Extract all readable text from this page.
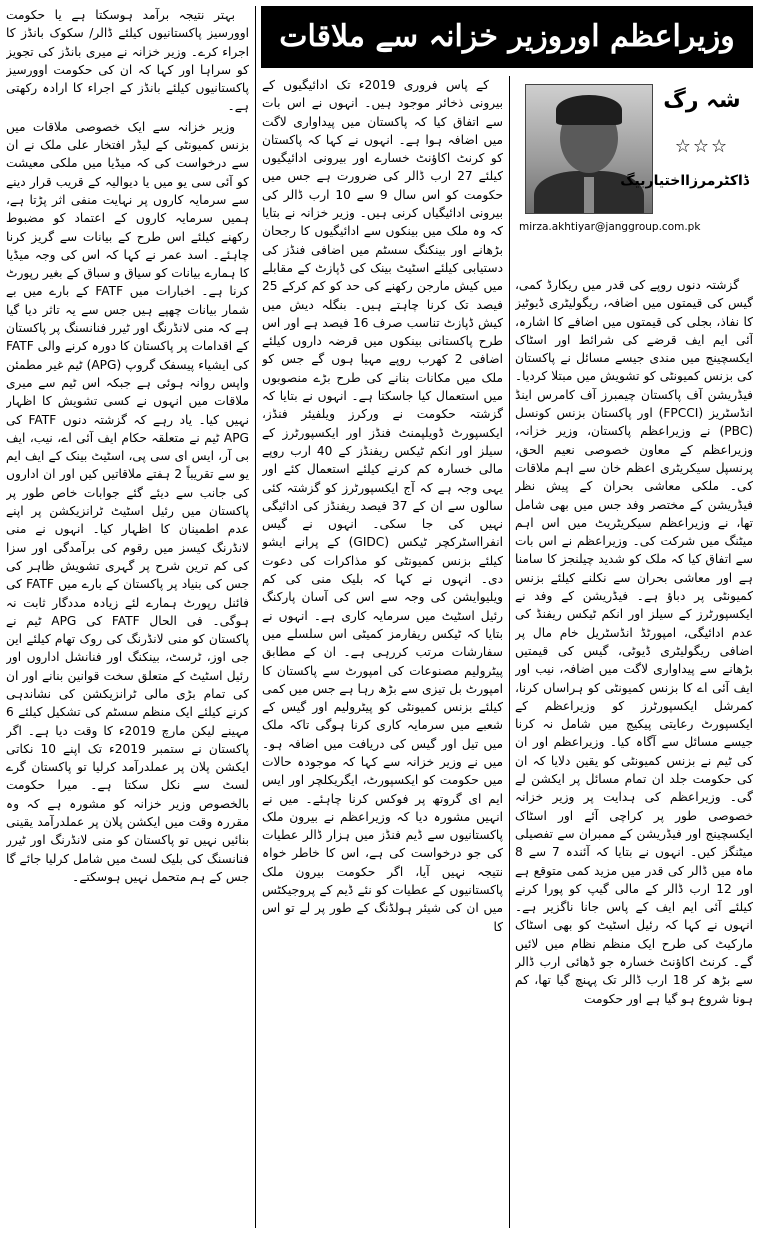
وزیراعظم اوروزیر خزانہ سے ملاقات
شہ رگ
☆☆☆
ڈاکٹرمرزااختیاربیگ
mirza.akhtiyar@janggroup.com.pk

گزشتہ دنوں روپے کی قدر میں ریکارڈ کمی، گیس کی قیمتوں میں اضافہ، ریگولیٹری ڈیوٹیز کا نفاذ، بجلی کی قیمتوں میں اضافے کا اشارہ، آئی ایم ایف قرضے کی شرائط اور اسٹاک ایکسچینج میں مندی جیسے مسائل نے پاکستان کی بزنس کمیونٹی کو تشویش میں مبتلا کردیا۔ فیڈریشن آف پاکستان چیمبرز آف کامرس اینڈ انڈسٹریز (FPCCI) اور پاکستان بزنس کونسل (PBC) نے وزیراعظم پاکستان، وزیر خزانہ، وزیراعظم کے معاون خصوصی نعیم الحق، پرنسپل سیکریٹری اعظم خان سے اہم ملاقات کی۔ ملکی معاشی بحران کے پیش نظر فیڈریشن کے مختصر وفد جس میں بھی شامل تھا، نے وزیراعظم سیکریٹریٹ میں اس اہم میٹنگ میں شرکت کی۔ وزیراعظم نے اس بات سے اتفاق کیا کہ ملک کو شدید چیلنجز کا سامنا ہے اور معاشی بحران سے نکلنے کیلئے بزنس کمیونٹی پر دباؤ ہے۔ فیڈریشن کے وفد نے ایکسپورٹرز کے سیلز اور انکم ٹیکس ریفنڈ کی عدم ادائیگی، امپورٹڈ انڈسٹریل خام مال پر اضافی ریگولیٹری ڈیوٹی، گیس کی قیمتیں بڑھانے سے پیداواری لاگت میں اضافہ، نیب اور ایف آئی اے کا بزنس کمیونٹی کو ہراساں کرنا، کمرشل ایکسپورٹرز کو وزیراعظم کے ایکسپورٹ رعایتی پیکیج میں شامل نہ کرنا جیسے مسائل سے آگاہ کیا۔ وزیراعظم اور ان کی ٹیم نے بزنس کمیونٹی کو یقین دلایا کہ ان کی حکومت جلد ان تمام مسائل پر ایکشن لے گی۔ وزیراعظم کی ہدایت پر وزیر خزانہ خصوصی طور پر کراچی آئے اور اسٹاک ایکسچینج اور فیڈریشن کے ممبران سے تفصیلی میٹنگز کیں۔ انہوں نے بتایا کہ آئندہ 7 سے 8 ماہ میں ڈالر کی قدر میں مزید کمی متوقع ہے اور 12 ارب ڈالر کے مالی گیپ کو پورا کرنے کیلئے آئی ایم ایف کے پاس جانا ناگزیر ہے۔ انہوں نے کہا کہ رئیل اسٹیٹ کو بھی اسٹاک مارکیٹ کی طرح ایک منظم نظام میں لائیں گے۔ کرنٹ اکاؤنٹ خسارہ جو ڈھائی ارب ڈالر سے بڑھ کر 18 ارب ڈالر تک پہنچ گیا تھا، کم ہونا شروع ہو گیا ہے اور حکومت

کے پاس فروری 2019ء تک ادائیگیوں کے بیرونی ذخائر موجود ہیں۔ انہوں نے اس بات سے اتفاق کیا کہ پاکستان میں پیداواری لاگت میں اضافہ ہوا ہے۔ انہوں نے کہا کہ پاکستان کو کرنٹ اکاؤنٹ خسارے اور بیرونی ادائیگیوں کیلئے 27 ارب ڈالر کی ضرورت ہے جس میں حکومت کو اس سال 9 سے 10 ارب ڈالر کی بیرونی ادائیگیاں کرنی ہیں۔ وزیر خزانہ نے بتایا کہ وہ ملک میں بینکوں سے ادائیگیوں کا رجحان بڑھانے اور بینکنگ سسٹم میں اضافی فنڈز کی دستیابی کیلئے اسٹیٹ بینک کی ڈپازٹ کے مقابلے میں کیش مارجن رکھنے کی حد کو کم کرکے 25 فیصد تک کرنا چاہتے ہیں۔ بنگلہ دیش میں کیش ڈپازٹ تناسب صرف 16 فیصد ہے اور اس طرح پاکستانی بینکوں میں قرضہ داروں کیلئے اضافی 2 کھرب روپے مہیا ہوں گے جس کو ملک میں مکانات بنانے کی طرح بڑے منصوبوں میں استعمال کیا جاسکتا ہے۔ انہوں نے بتایا کہ گزشتہ حکومت نے ورکرز ویلفیئر فنڈز، ایکسپورٹ ڈویلپمنٹ فنڈز اور ایکسپورٹرز کے سیلز اور انکم ٹیکس ریفنڈز کے 40 ارب روپے مالی خسارہ کم کرنے کیلئے استعمال کئے اور یہی وجہ ہے کہ آج ایکسپورٹرز کو گزشتہ کئی سالوں سے ان کے 37 فیصد ریفنڈز کی ادائیگی نہیں کی جا سکی۔ انہوں نے گیس انفرااسٹرکچر ٹیکس (GIDC) کے پرانے ایشو کیلئے بزنس کمیونٹی کو مذاکرات کی دعوت دی۔ انہوں نے کہا کہ بلیک منی کی کم ویلیوایشن کی وجہ سے اس کی آسان پارکنگ رئیل اسٹیٹ میں سرمایہ کاری ہے۔ انہوں نے بتایا کہ ٹیکس ریفارمز کمیٹی اس سلسلے میں سفارشات مرتب کررہی ہے۔ ان کے مطابق پیٹرولیم مصنوعات کی امپورٹ سے پاکستان کا امپورٹ بل تیزی سے بڑھ رہا ہے جس میں کمی کیلئے بزنس کمیونٹی کو پیٹرولیم اور گیس کے شعبے میں سرمایہ کاری کرنا ہوگی تاکہ ملک میں تیل اور گیس کی دریافت میں اضافہ ہو۔ میں نے وزیر خزانہ سے کہا کہ موجودہ حالات میں حکومت کو ایکسپورٹ، ایگریکلچر اور ایس ایم ای گروتھ پر فوکس کرنا چاہئے۔ میں نے انہیں مشورہ دیا کہ وزیراعظم نے بیرون ملک پاکستانیوں سے ڈیم فنڈز میں ہزار ڈالر عطیات کی جو درخواست کی ہے، اس کا خاطر خواہ نتیجہ نہیں آیا، اگر حکومت بیرون ملک پاکستانیوں کے عطیات کو نئے ڈیم کے پروجیکٹس میں ان کی شیئر ہولڈنگ کے طور پر لے تو اس کا

بہتر نتیجہ برآمد ہوسکتا ہے یا حکومت اوورسیز پاکستانیوں کیلئے ڈالر/ سکوک بانڈز کا اجراء کرے۔ وزیر خزانہ نے میری بانڈز کی تجویز کو سراہا اور کہا کہ ان کی حکومت اوورسیز پاکستانیوں کیلئے بانڈز کے اجراء کا ارادہ رکھتی ہے۔

وزیر خزانہ سے ایک خصوصی ملاقات میں بزنس کمیونٹی کے لیڈر افتخار علی ملک نے ان سے درخواست کی کہ میڈیا میں ملکی معیشت کو آئی سی یو میں یا دیوالیہ کے قریب قرار دینے سے سرمایہ کاروں پر نہایت منفی اثر پڑتا ہے، ہمیں سرمایہ کاروں کے اعتماد کو مضبوط رکھنے کیلئے اس طرح کے بیانات سے گریز کرنا چاہئے۔ اسد عمر نے کہا کہ اس کی وجہ میڈیا کا ہمارے بیانات کو سیاق و سباق کے بغیر رپورٹ کرنا ہے۔ اخبارات میں FATF کے بارے میں بے شمار بیانات چھپے ہیں جس سے یہ تاثر دیا گیا ہے کہ منی لانڈرنگ اور ٹیرر فنانسنگ پر پاکستان کے اقدامات پر پاکستان کا دورہ کرنے والی FATF کی ایشیاء پیسفک گروپ (APG) ٹیم غیر مطمئن واپس روانہ ہوئی ہے جبکہ اس ٹیم سے میری ملاقات میں انہوں نے کسی تشویش کا اظہار نہیں کیا۔ یاد رہے کہ گزشتہ دنوں FATF کی APG ٹیم نے متعلقہ حکام ایف آئی اے، نیب، ایف بی آر، ایس ای سی پی، اسٹیٹ بینک کے ایف ایم یو سے تقریباً 2 ہفتے ملاقاتیں کیں اور ان اداروں کی جانب سے دیئے گئے جوابات خاص طور پر پاکستان میں رئیل اسٹیٹ ٹرانزیکشن پر اپنے عدم اطمینان کا اظہار کیا۔ انہوں نے منی لانڈرنگ کیسز میں رقوم کی برآمدگی اور سزا کی کم ترین شرح پر گہری تشویش ظاہر کی جس کی بنیاد پر پاکستان کے بارے میں FATF کی فائنل رپورٹ ہمارے لئے زیادہ مددگار ثابت نہ ہوگی۔ فی الحال FATF کی APG ٹیم نے پاکستان کو منی لانڈرنگ کی روک تھام کیلئے این جی اوز، ٹرسٹ، بینکنگ اور فنانشل اداروں اور رئیل اسٹیٹ کے متعلق سخت قوانین بنانے اور ان کی تمام بڑی مالی ٹرانزیکشن کی نشاندہی کرنے کیلئے ایک منظم سسٹم کی تشکیل کیلئے 6 مہینے لیکن مارچ 2019ء کا وقت دیا ہے۔ اگر پاکستان نے ستمبر 2019ء تک اپنے 10 نکاتی ایکشن پلان پر عملدرآمد کرلیا تو پاکستان گرے لسٹ سے نکل سکتا ہے۔ میرا حکومت بالخصوص وزیر خزانہ کو مشورہ ہے کہ وہ مقررہ وقت میں ایکشن پلان پر عملدرآمد یقینی بنائیں نہیں تو پاکستان کو منی لانڈرنگ اور ٹیرر فنانسنگ کی بلیک لسٹ میں شامل کرلیا جائے گا جس کے ہم متحمل نہیں ہوسکتے۔
